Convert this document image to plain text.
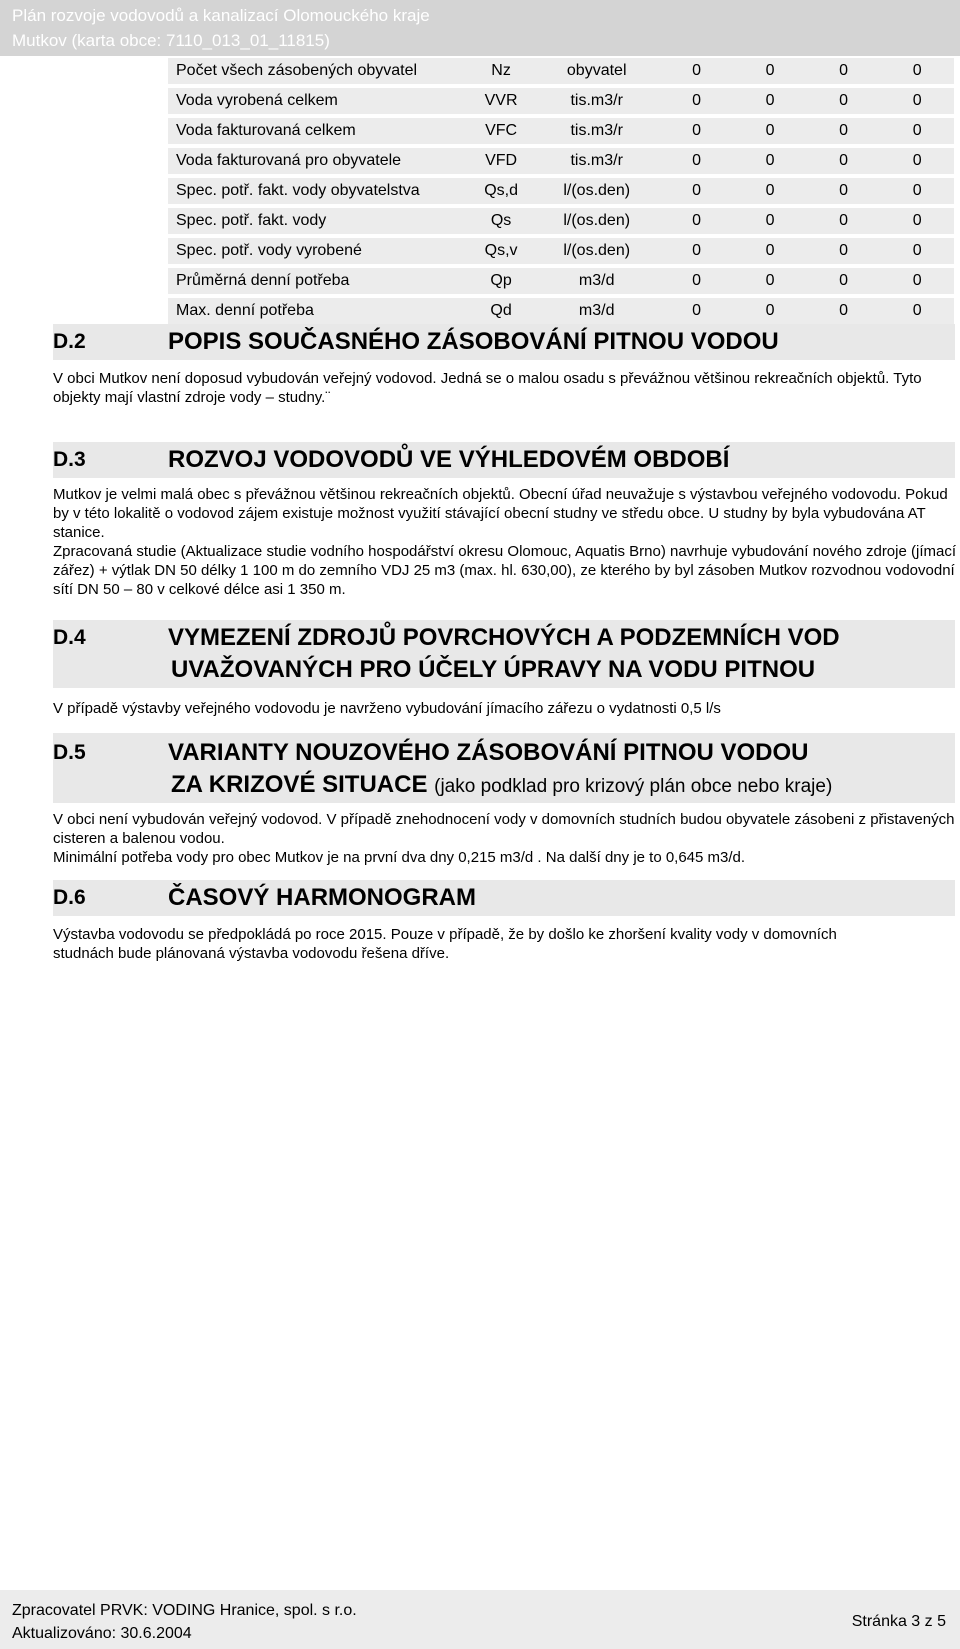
Plán rozvoje vodovodů a kanalizací Olomouckého kraje
Mutkov (karta obce: 7110_013_01_11815)
Počet všech zásobených obyvatel	Nz	obyvatel	0	0	0	0
Voda vyrobená celkem	VVR	tis.m3/r	0	0	0	0
Voda fakturovaná celkem	VFC	tis.m3/r	0	0	0	0
Voda fakturovaná pro obyvatele	VFD	tis.m3/r	0	0	0	0
Spec. potř. fakt. vody obyvatelstva	Qs,d	l/(os.den)	0	0	0	0
Spec. potř. fakt. vody	Qs	l/(os.den)	0	0	0	0
Spec. potř. vody vyrobené	Qs,v	l/(os.den)	0	0	0	0
Průměrná denní potřeba	Qp	m3/d	0	0	0	0
Max. denní potřeba	Qd	m3/d	0	0	0	0
D.2	POPIS SOUČASNÉHO ZÁSOBOVÁNÍ PITNOU VODOU

V obci Mutkov není doposud vybudován veřejný vodovod. Jedná se o malou osadu s převážnou většinou rekreačních objektů. Tyto objekty mají vlastní zdroje vody – studny.¨

D.3	ROZVOJ VODOVODŮ VE VÝHLEDOVÉM OBDOBÍ

Mutkov je velmi malá obec s převážnou většinou rekreačních objektů. Obecní úřad neuvažuje s výstavbou veřejného vodovodu. Pokud by v této lokalitě o vodovod zájem existuje možnost využití stávající obecní studny ve středu obce. U studny by byla vybudována AT stanice.

Zpracovaná studie (Aktualizace studie vodního hospodářství okresu Olomouc, Aquatis Brno) navrhuje vybudování nového zdroje (jímací zářez) + výtlak DN 50 délky 1 100 m do zemního VDJ 25 m3 (max. hl. 630,00), ze kterého by byl zásoben Mutkov rozvodnou vodovodní sítí DN 50 – 80 v celkové délce asi 1 350 m.

D.4	VYMEZENÍ ZDROJŮ POVRCHOVÝCH A PODZEMNÍCH VOD
UVAŽOVANÝCH PRO ÚČELY ÚPRAVY NA VODU PITNOU

V případě výstavby veřejného vodovodu je navrženo vybudování jímacího zářezu o vydatnosti 0,5 l/s

D.5	VARIANTY NOUZOVÉHO ZÁSOBOVÁNÍ PITNOU VODOU
ZA KRIZOVÉ SITUACE (jako podklad pro krizový plán obce nebo kraje)

V obci není vybudován veřejný vodovod. V případě znehodnocení vody v domovních studních budou obyvatele zásobeni z přistavených cisteren a balenou vodou.

Minimální potřeba vody pro obec Mutkov je na první dva dny 0,215 m3/d . Na další dny je to 0,645 m3/d.

D.6	ČASOVÝ HARMONOGRAM

Výstavba vodovodu se předpokládá po roce 2015. Pouze v případě, že by došlo ke zhoršení kvality vody v domovních studnách bude plánovaná výstavba vodovodu řešena dříve.

Zpracovatel PRVK: VODING Hranice, spol. s r.o.
Aktualizováno: 30.6.2004
Stránka 3 z 5
